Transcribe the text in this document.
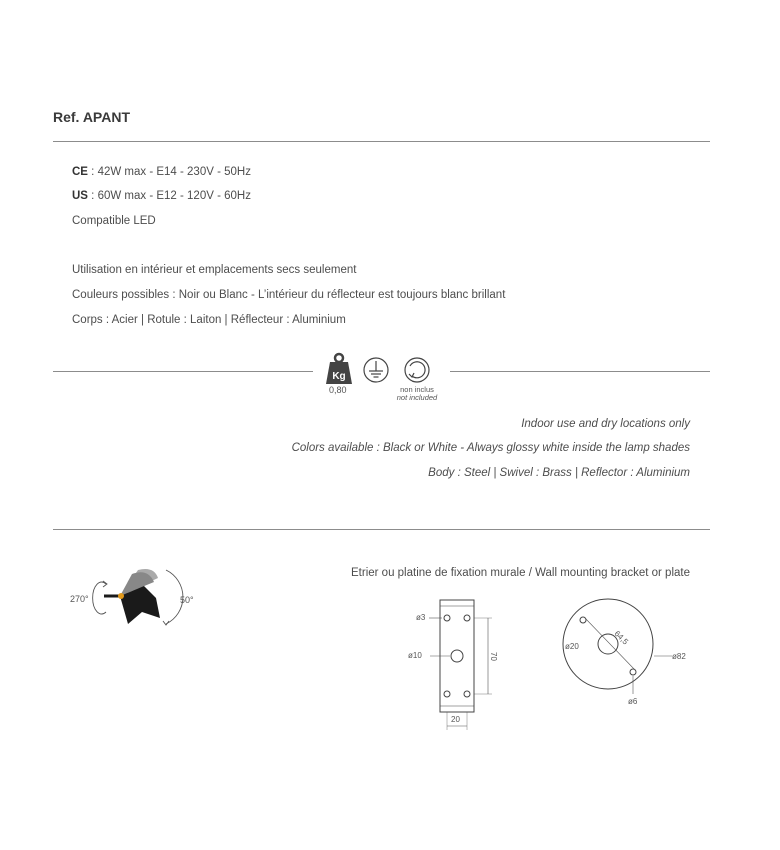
Ref. APANT
CE : 42W max - E14 - 230V - 50Hz
US : 60W max - E12 - 120V - 60Hz
Compatible LED
Utilisation en intérieur et emplacements secs seulement
Couleurs possibles : Noir ou Blanc - L’intérieur du réflecteur est toujours blanc brillant
Corps : Acier | Rotule : Laiton | Réflecteur : Aluminium
Kg
0,80	non inclus
not included
Indoor use and dry locations only
Colors available : Black or White - Always glossy white inside the lamp shades
Body : Steel | Swivel : Brass | Reflector : Aluminium
270°	50°
Etrier ou platine de fixation murale / Wall mounting bracket or plate
ø3
ø10	70
20
64,5
ø20
ø82
ø6
